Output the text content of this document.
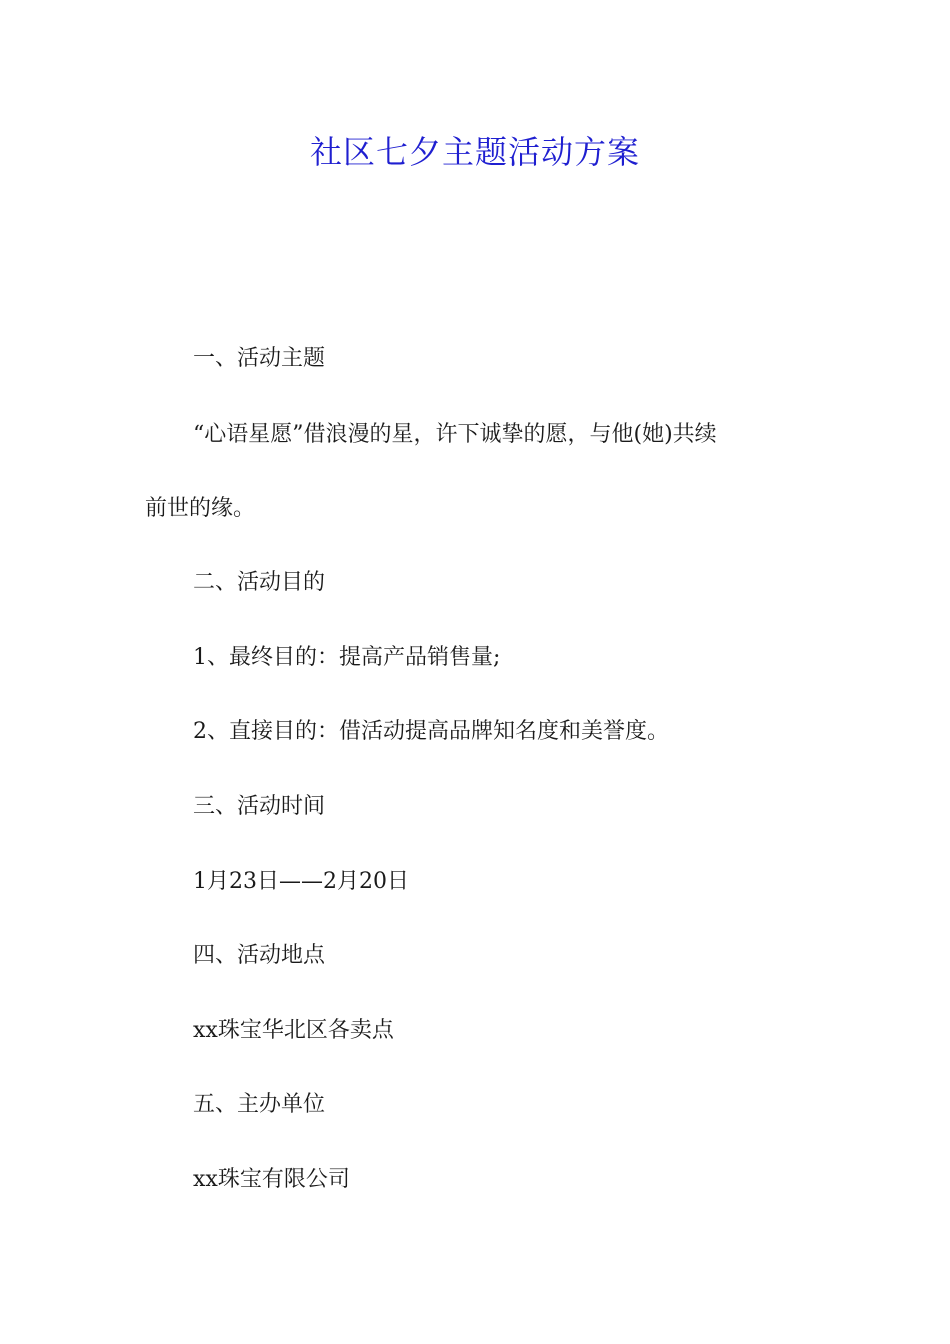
社区七夕主题活动方案

一、活动主题

“心语星愿”借浪漫的星，许下诚挚的愿，与他(她)共续

前世的缘。

二、活动目的

1、最终目的：提高产品销售量;

2、直接目的：借活动提高品牌知名度和美誉度。

三、活动时间

1月23日——2月20日

四、活动地点

xx珠宝华北区各卖点

五、主办单位

xx珠宝有限公司
